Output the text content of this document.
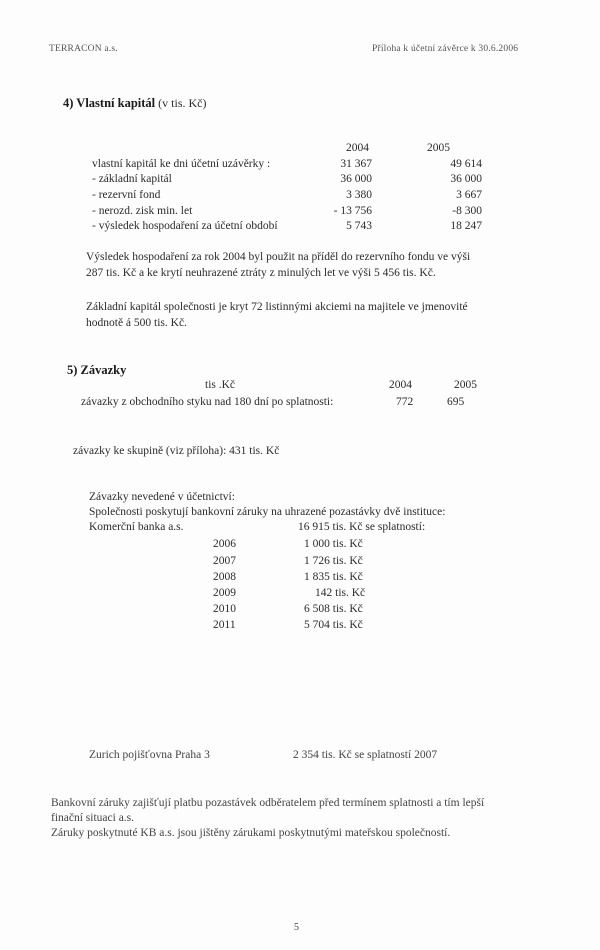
TERRACON a.s.	Příloha k účetní závěrce k 30.6.2006
4) Vlastní kapitál (v tis. Kč)
2004	2005
vlastní kapitál ke dni účetní uzávěrky :	31 367	49 614
- základní kapitál	36 000	36 000
- rezervní fond	3 380	3 667
- nerozd. zisk min. let	- 13 756	-8 300
- výsledek hospodaření za účetní období	5 743	18 247
Výsledek hospodaření za rok 2004 byl použit na příděl do rezervního fondu ve výši
287 tis. Kč a ke krytí neuhrazené ztráty z minulých let ve výši 5 456 tis. Kč.
Základní kapitál společnosti je kryt 72 listinnými akciemi na majitele ve jmenovité
hodnotě á 500 tis. Kč.
5) Závazky
tis .Kč	2004	2005
závazky z obchodního styku nad 180 dní po splatnosti:	772	695
závazky ke skupině (viz příloha): 431 tis. Kč
Závazky nevedené v účetnictví:
Společnosti poskytují bankovní záruky na uhrazené pozastávky dvě instituce:
Komerční banka a.s.	16 915 tis. Kč se splatností:
2006	1 000 tis. Kč
2007	1 726 tis. Kč
2008	1 835 tis. Kč
2009	142 tis. Kč
2010	6 508 tis. Kč
2011	5 704 tis. Kč
Zurich pojišťovna Praha 3	2 354 tis. Kč se splatností 2007
Bankovní záruky zajišťují platbu pozastávek odběratelem před termínem splatnosti a tím lepší
finační situaci a.s.
Záruky poskytnuté KB a.s. jsou jištěny zárukami poskytnutými mateřskou společností.
5
